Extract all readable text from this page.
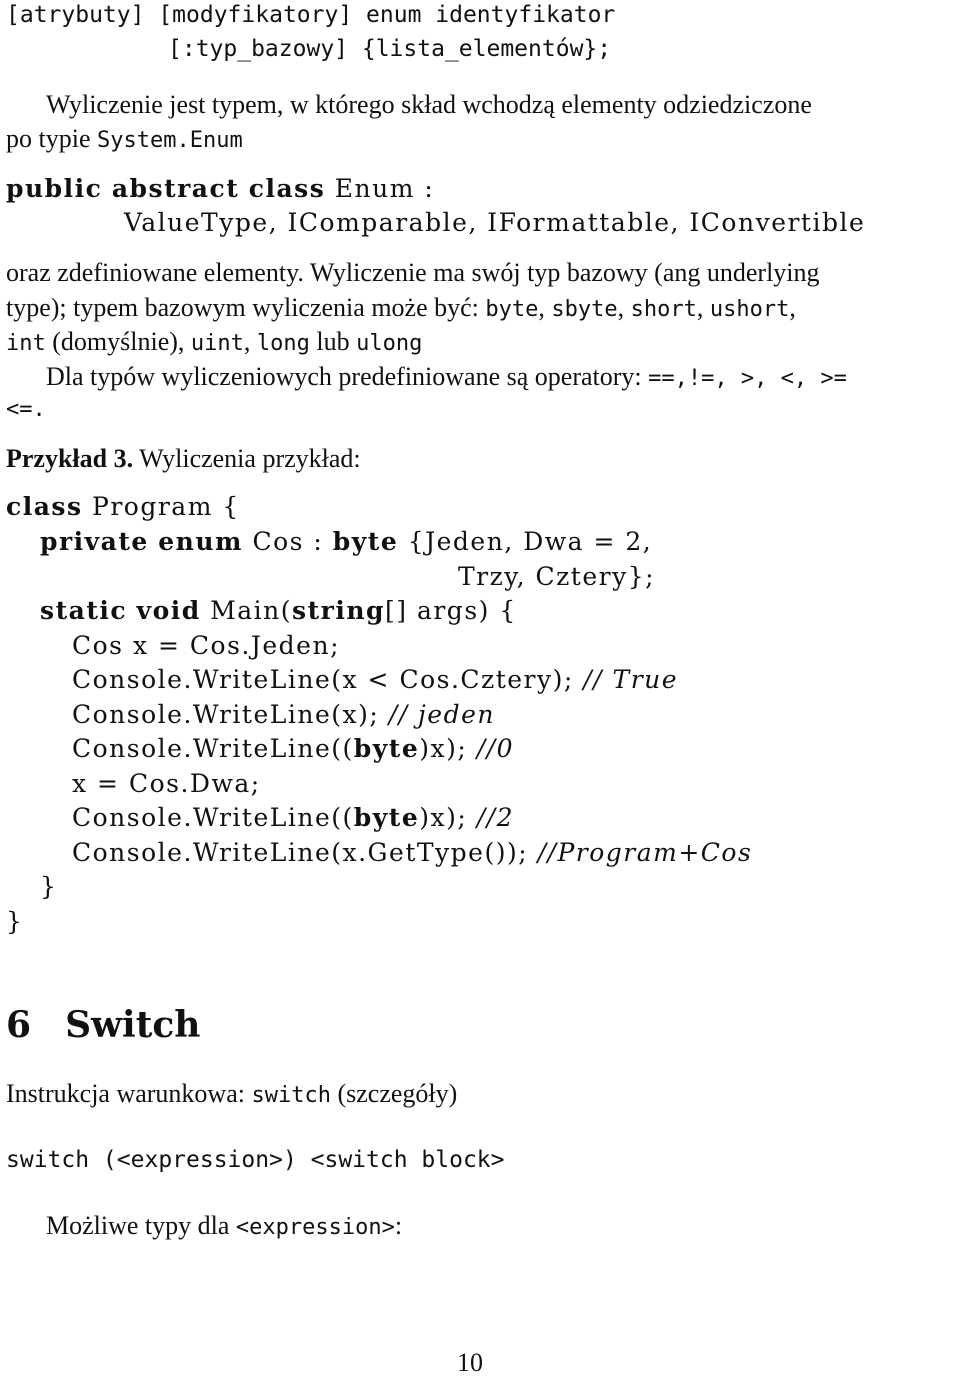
[atrybuty] [modyfikatory] enum identyfikator
[:typ_bazowy] {lista_elementów};
Wyliczenie jest typem, w którego skład wchodzą elementy odziedziczone
po typie System.Enum
public abstract class Enum :
ValueType, IComparable, IFormattable, IConvertible
oraz zdefiniowane elementy. Wyliczenie ma swój typ bazowy (ang underlying
type); typem bazowym wyliczenia może być: byte, sbyte, short, ushort,
int (domyślnie), uint, long lub ulong
Dla typów wyliczeniowych predefiniowane są operatory: ==,!=, >, <, >=
<=.
Przykład 3. Wyliczenia przykład:
class Program {
private enum Cos : byte {Jeden, Dwa = 2,
Trzy, Cztery};
static void Main(string[] args) {
Cos x = Cos.Jeden;
Console.WriteLine(x < Cos.Cztery); // True
Console.WriteLine(x); // jeden
Console.WriteLine((byte)x); //0
x = Cos.Dwa;
Console.WriteLine((byte)x); //2
Console.WriteLine(x.GetType()); //Program+Cos
}
}
6 Switch
Instrukcja warunkowa: switch (szczegóły)
switch (<expression>) <switch block>
Możliwe typy dla <expression>:
10
